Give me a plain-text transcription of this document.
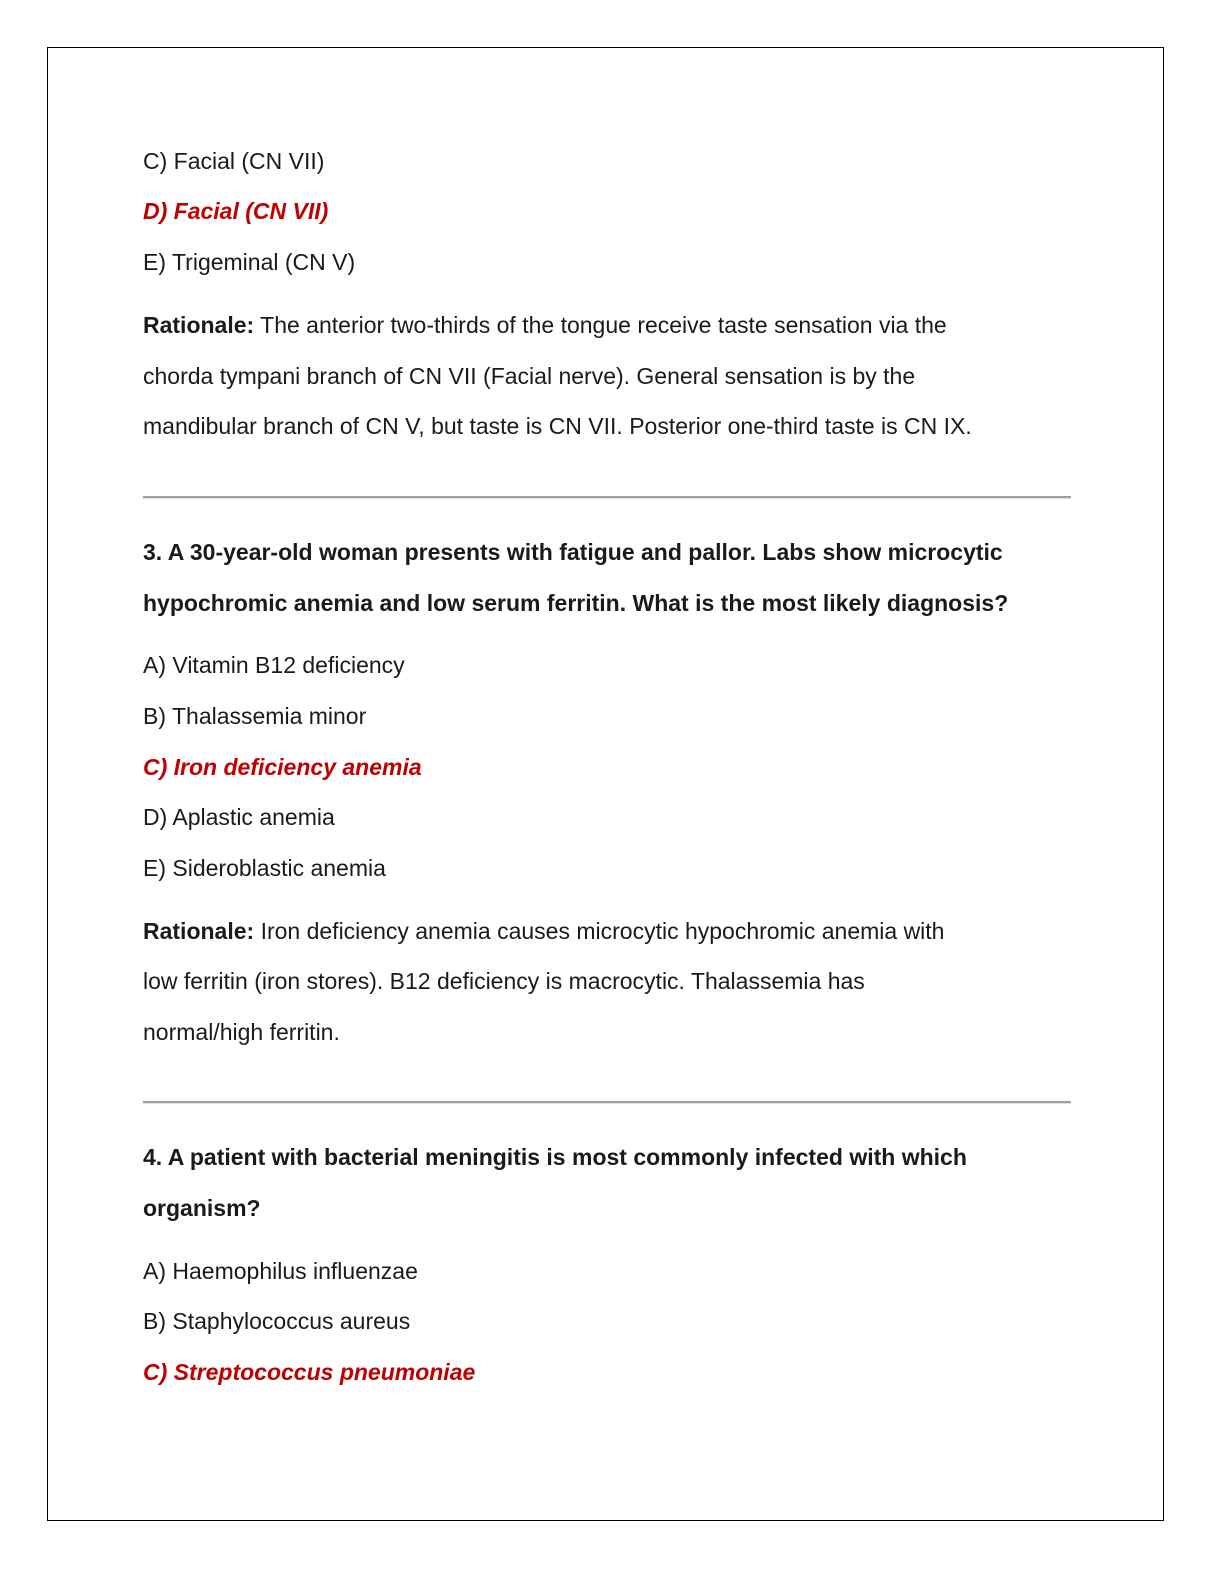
C) Facial (CN VII)
D) Facial (CN VII)
E) Trigeminal (CN V)
Rationale: The anterior two-thirds of the tongue receive taste sensation via the
chorda tympani branch of CN VII (Facial nerve). General sensation is by the
mandibular branch of CN V, but taste is CN VII. Posterior one-third taste is CN IX.
3. A 30-year-old woman presents with fatigue and pallor. Labs show microcytic
hypochromic anemia and low serum ferritin. What is the most likely diagnosis?
A) Vitamin B12 deficiency
B) Thalassemia minor
C) Iron deficiency anemia
D) Aplastic anemia
E) Sideroblastic anemia
Rationale: Iron deficiency anemia causes microcytic hypochromic anemia with
low ferritin (iron stores). B12 deficiency is macrocytic. Thalassemia has
normal/high ferritin.
4. A patient with bacterial meningitis is most commonly infected with which
organism?
A) Haemophilus influenzae
B) Staphylococcus aureus
C) Streptococcus pneumoniae
